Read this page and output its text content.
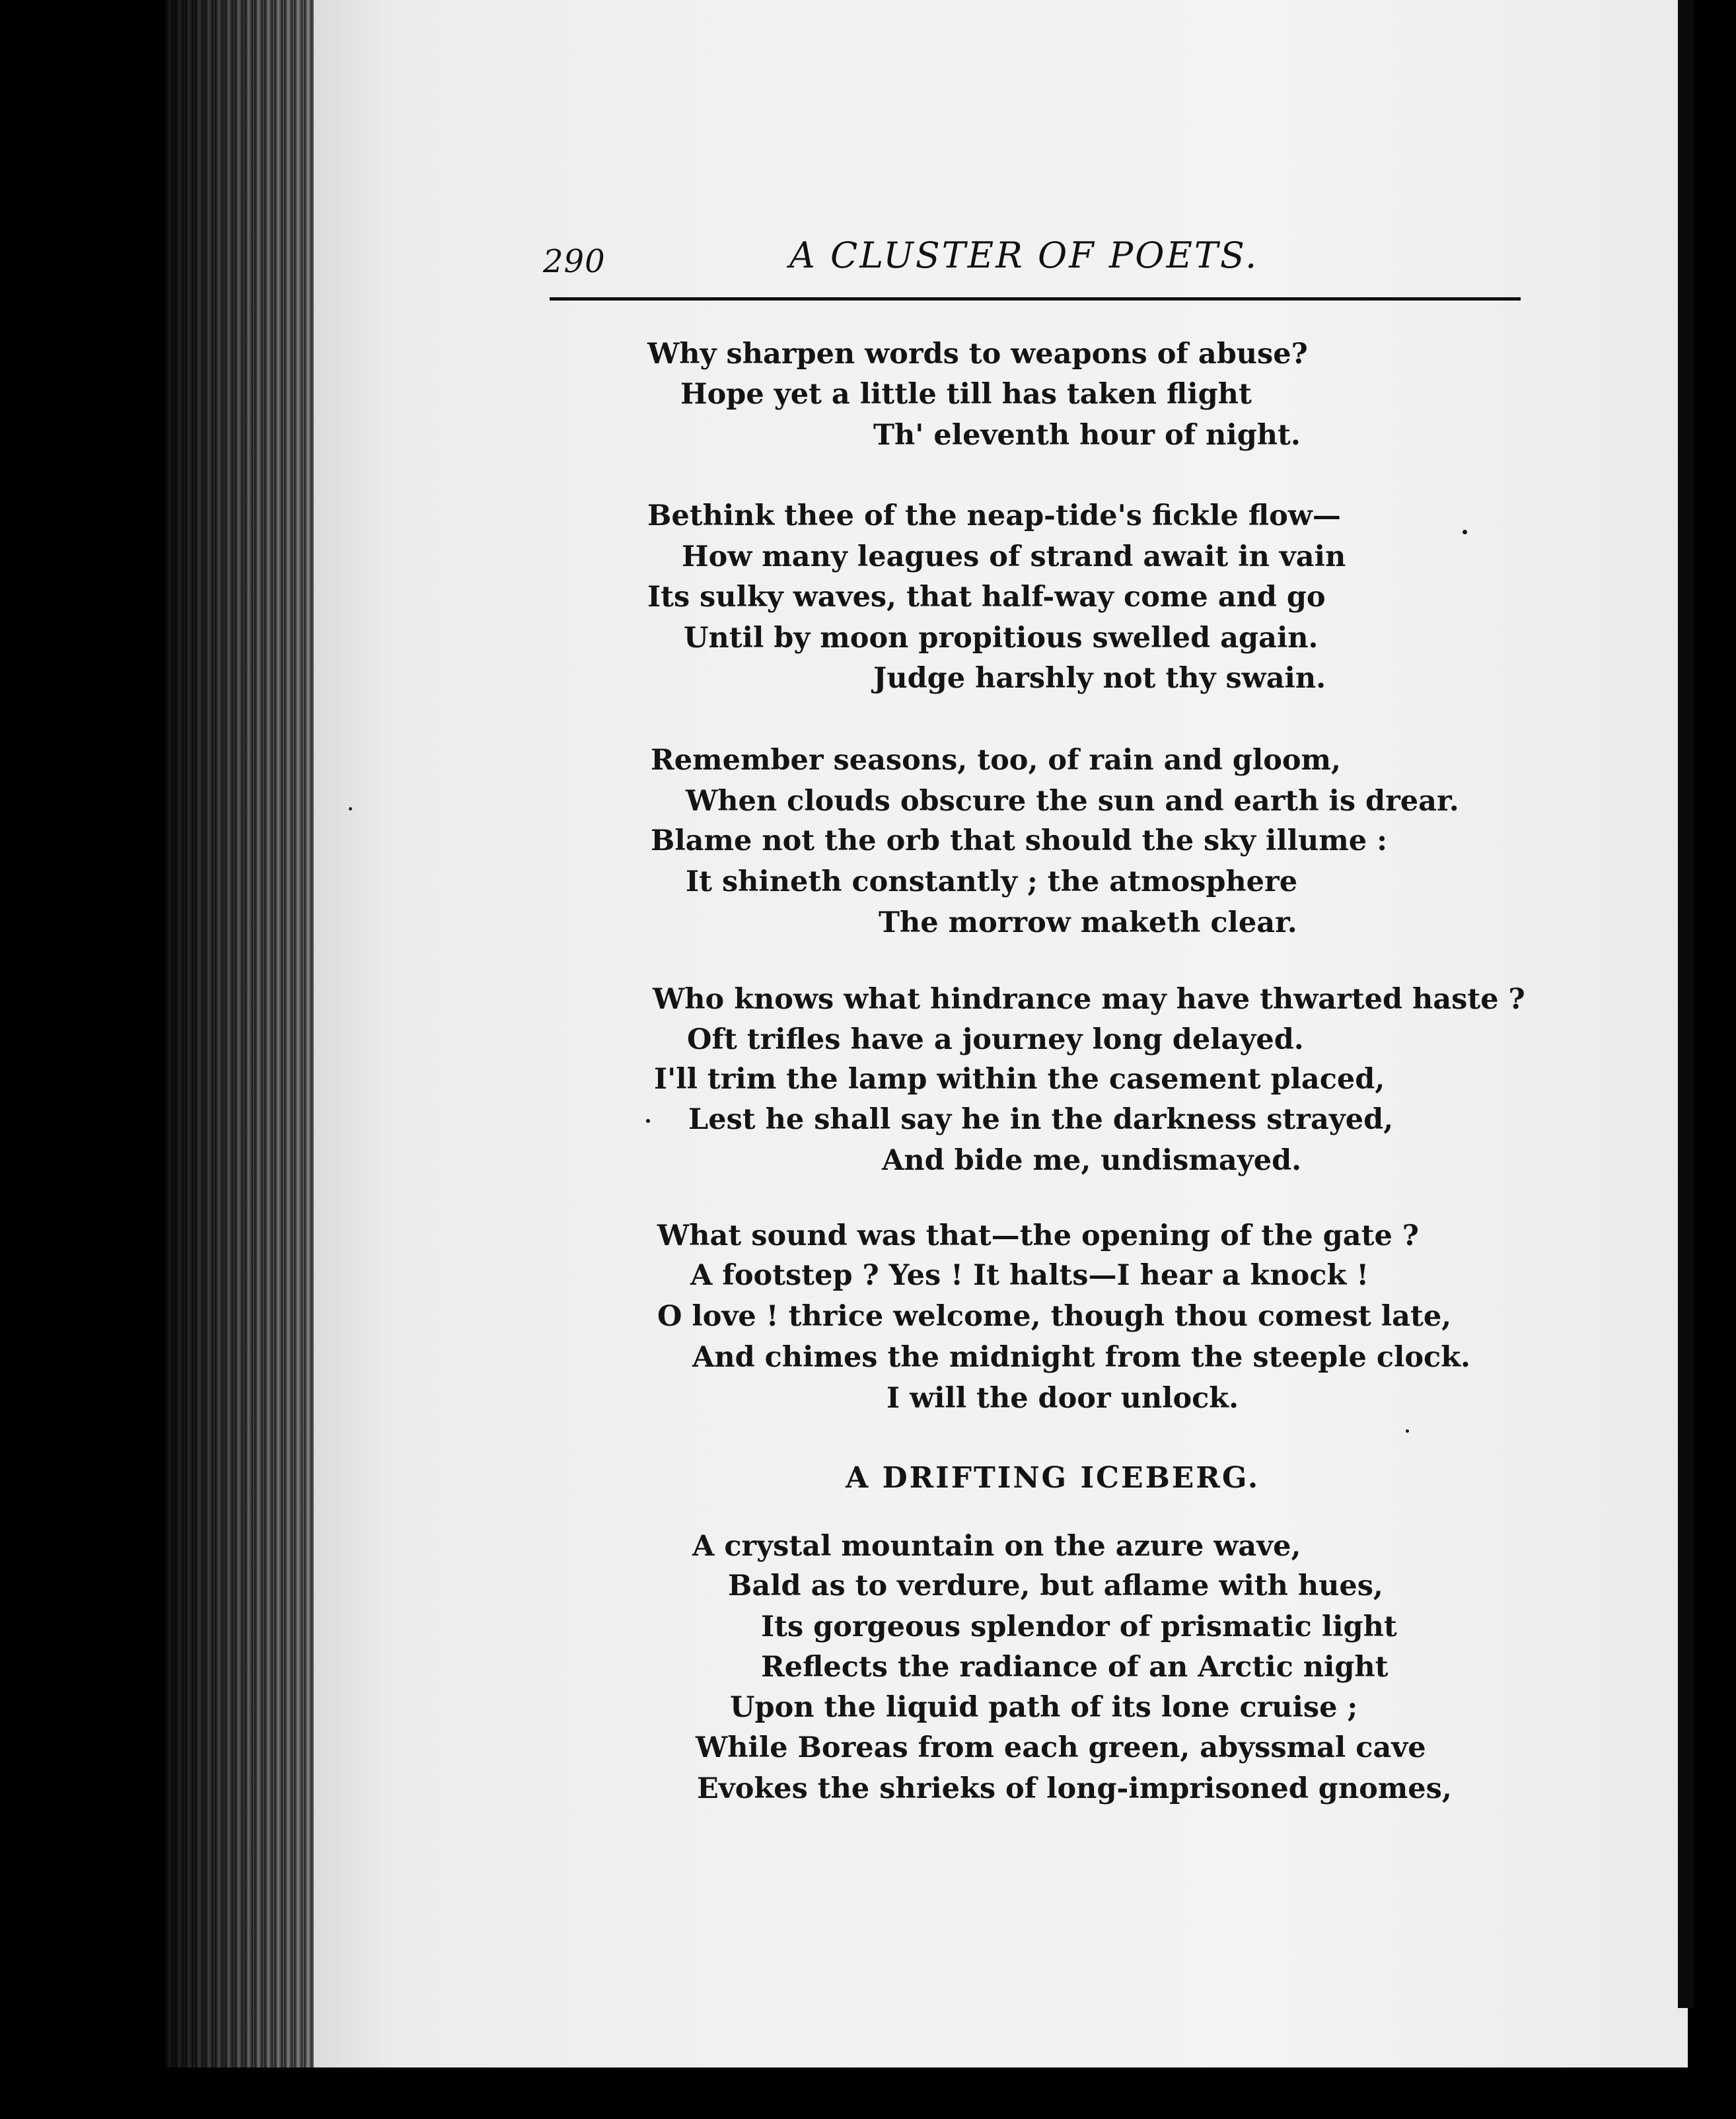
290	A CLUSTER OF POETS.
Why sharpen words to weapons of abuse?
Hope yet a little till has taken flight
Th' eleventh hour of night.
Bethink thee of the neap-tide's fickle flow—
How many leagues of strand await in vain
Its sulky waves, that half-way come and go
Until by moon propitious swelled again.
Judge harshly not thy swain.
Remember seasons, too, of rain and gloom,
When clouds obscure the sun and earth is drear.
Blame not the orb that should the sky illume :
It shineth constantly ; the atmosphere
The morrow maketh clear.
Who knows what hindrance may have thwarted haste ?
Oft trifles have a journey long delayed.
I'll trim the lamp within the casement placed,
Lest he shall say he in the darkness strayed,
And bide me, undismayed.
What sound was that—the opening of the gate ?
A footstep ? Yes ! It halts—I hear a knock !
O love ! thrice welcome, though thou comest late,
And chimes the midnight from the steeple clock.
I will the door unlock.
A DRIFTING ICEBERG.
A crystal mountain on the azure wave,
Bald as to verdure, but aflame with hues,
Its gorgeous splendor of prismatic light
Reflects the radiance of an Arctic night
Upon the liquid path of its lone cruise ;
While Boreas from each green, abyssmal cave
Evokes the shrieks of long-imprisoned gnomes,
